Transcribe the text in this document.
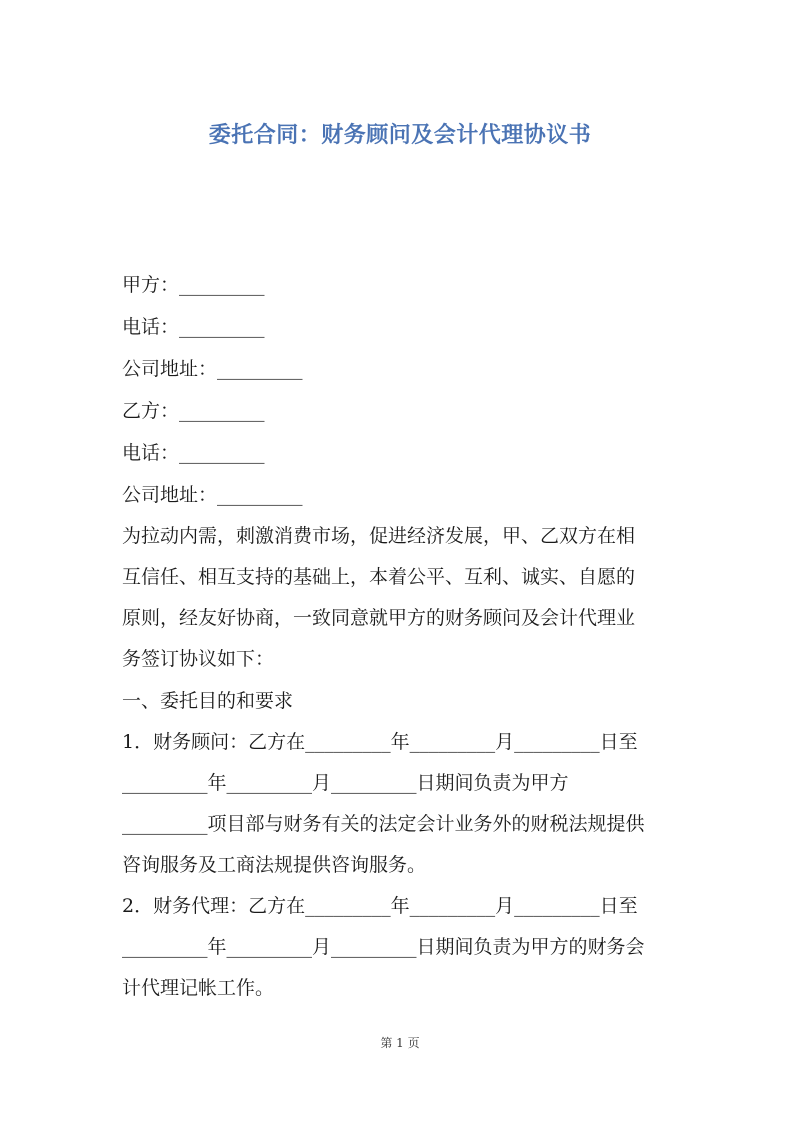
委托合同：财务顾问及会计代理协议书

甲方：_________

电话：_________

公司地址：_________

乙方：_________

电话：_________

公司地址：_________

为拉动内需，刺激消费市场，促进经济发展，甲、乙双方在相

互信任、相互支持的基础上，本着公平、互利、诚实、自愿的

原则，经友好协商，一致同意就甲方的财务顾问及会计代理业

务签订协议如下：

一、委托目的和要求

1．财务顾问：乙方在_________年_________月_________日至

_________年_________月_________日期间负责为甲方

_________项目部与财务有关的法定会计业务外的财税法规提供

咨询服务及工商法规提供咨询服务。

2．财务代理：乙方在_________年_________月_________日至

_________年_________月_________日期间负责为甲方的财务会

计代理记帐工作。

第 1 页
